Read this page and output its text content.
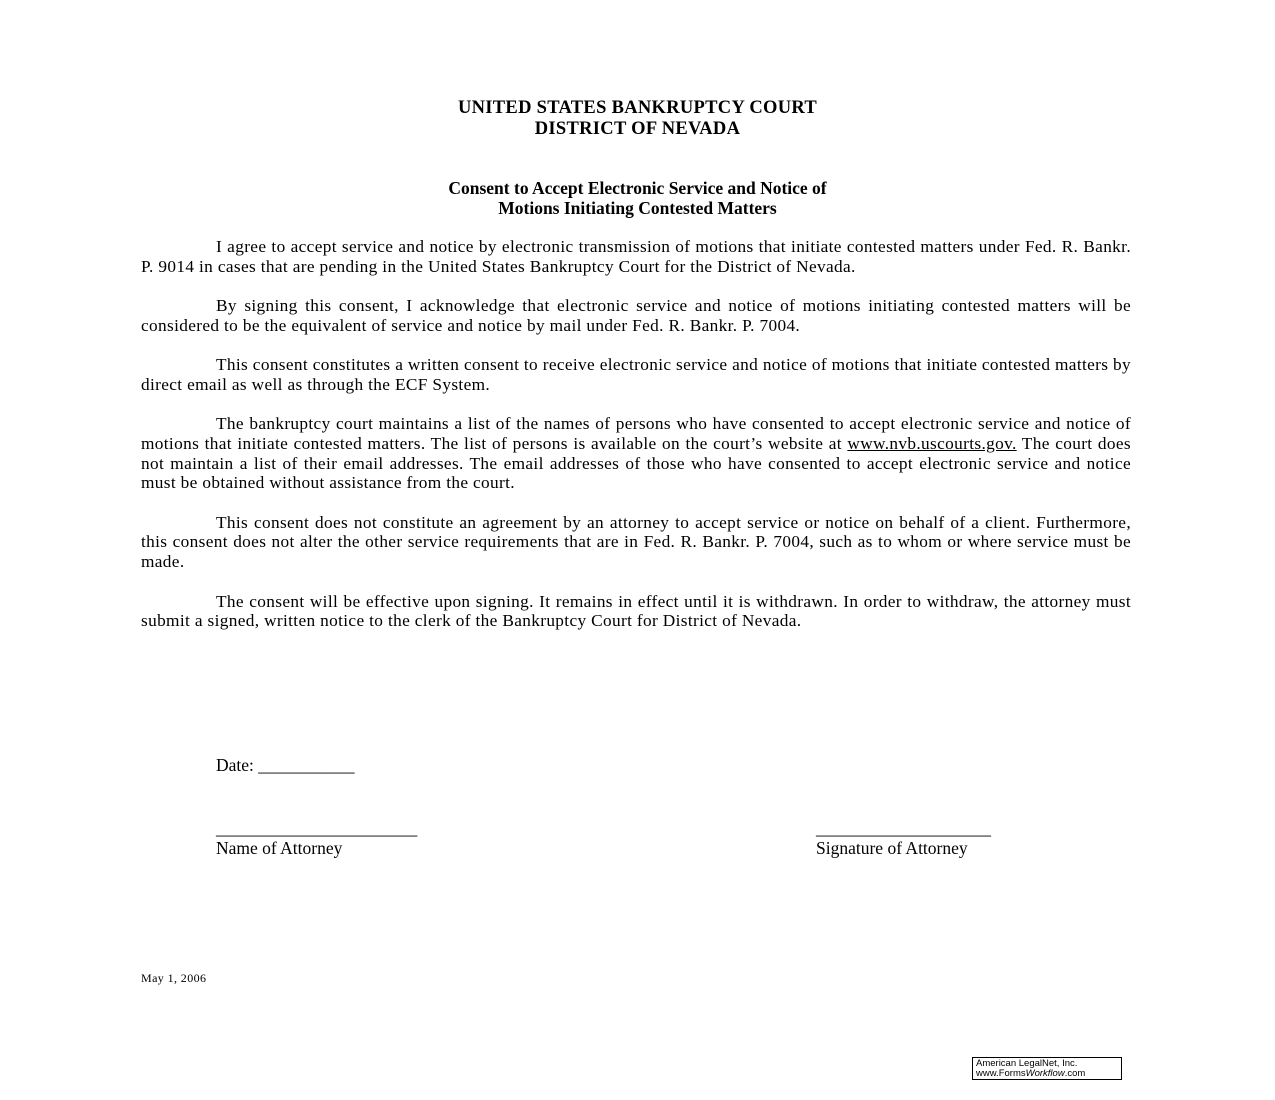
UNITED STATES BANKRUPTCY COURT
DISTRICT OF NEVADA
Consent to Accept Electronic Service and Notice of
Motions Initiating Contested Matters

I agree to accept service and notice by electronic transmission of motions that initiate contested matters under Fed. R. Bankr. P. 9014 in cases that are pending in the United States Bankruptcy Court for the District of Nevada.

By signing this consent, I acknowledge that electronic service and notice of motions initiating contested matters will be considered to be the equivalent of service and notice by mail under Fed. R. Bankr. P. 7004.

This consent constitutes a written consent to receive electronic service and notice of motions that initiate contested matters by direct email as well as through the ECF System.

The bankruptcy court maintains a list of the names of persons who have consented to accept electronic service and notice of motions that initiate contested matters. The list of persons is available on the court’s website at www.nvb.uscourts.gov. The court does not maintain a list of their email addresses. The email addresses of those who have consented to accept electronic service and notice must be obtained without assistance from the court.

This consent does not constitute an agreement by an attorney to accept service or notice on behalf of a client. Furthermore, this consent does not alter the other service requirements that are in Fed. R. Bankr. P. 7004, such as to whom or where service must be made.

The consent will be effective upon signing. It remains in effect until it is withdrawn. In order to withdraw, the attorney must submit a signed, written notice to the clerk of the Bankruptcy Court for District of Nevada.

Date: ___________
_______________________
Name of Attorney
____________________
Signature of Attorney
May 1, 2006
American LegalNet, Inc.
www.FormsWorkflow.com
